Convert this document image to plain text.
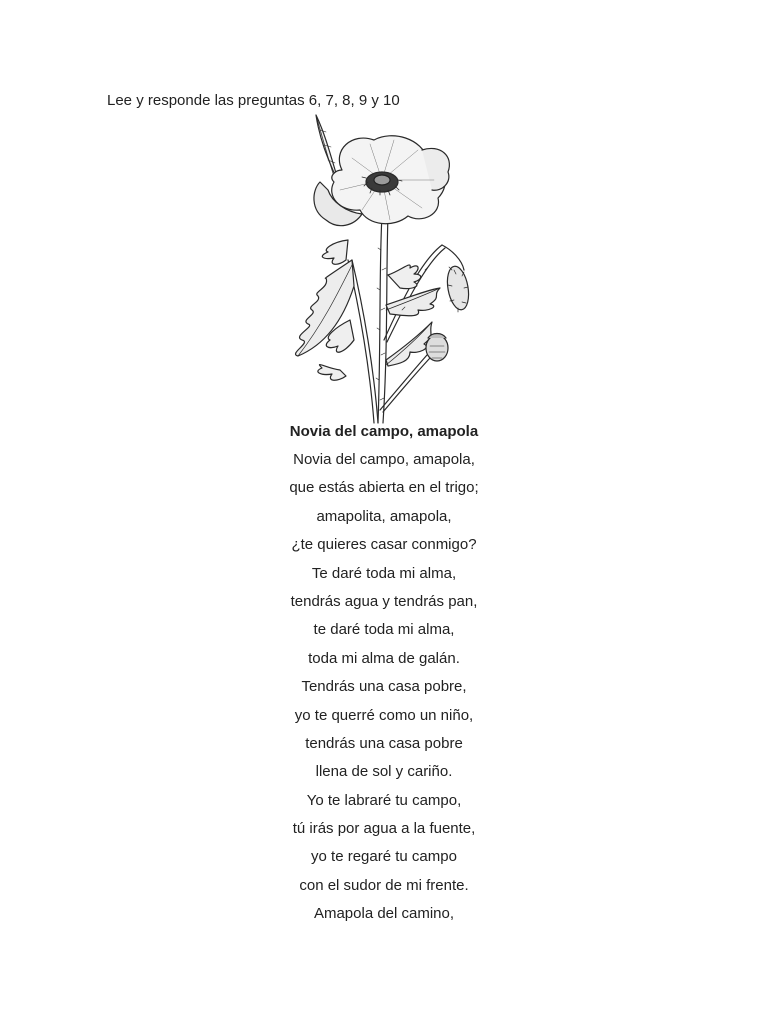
Lee y responde las preguntas 6, 7, 8, 9 y 10
Novia del campo, amapola
Novia del campo, amapola,
que estás abierta en el trigo;
amapolita, amapola,
¿te quieres casar conmigo?
Te daré toda mi alma,
tendrás agua y tendrás pan,
te daré toda mi alma,
toda mi alma de galán.
Tendrás una casa pobre,
yo te querré como un niño,
tendrás una casa pobre
llena de sol y cariño.
Yo te labraré tu campo,
tú irás por agua a la fuente,
yo te regaré tu campo
con el sudor de mi frente.
Amapola del camino,
